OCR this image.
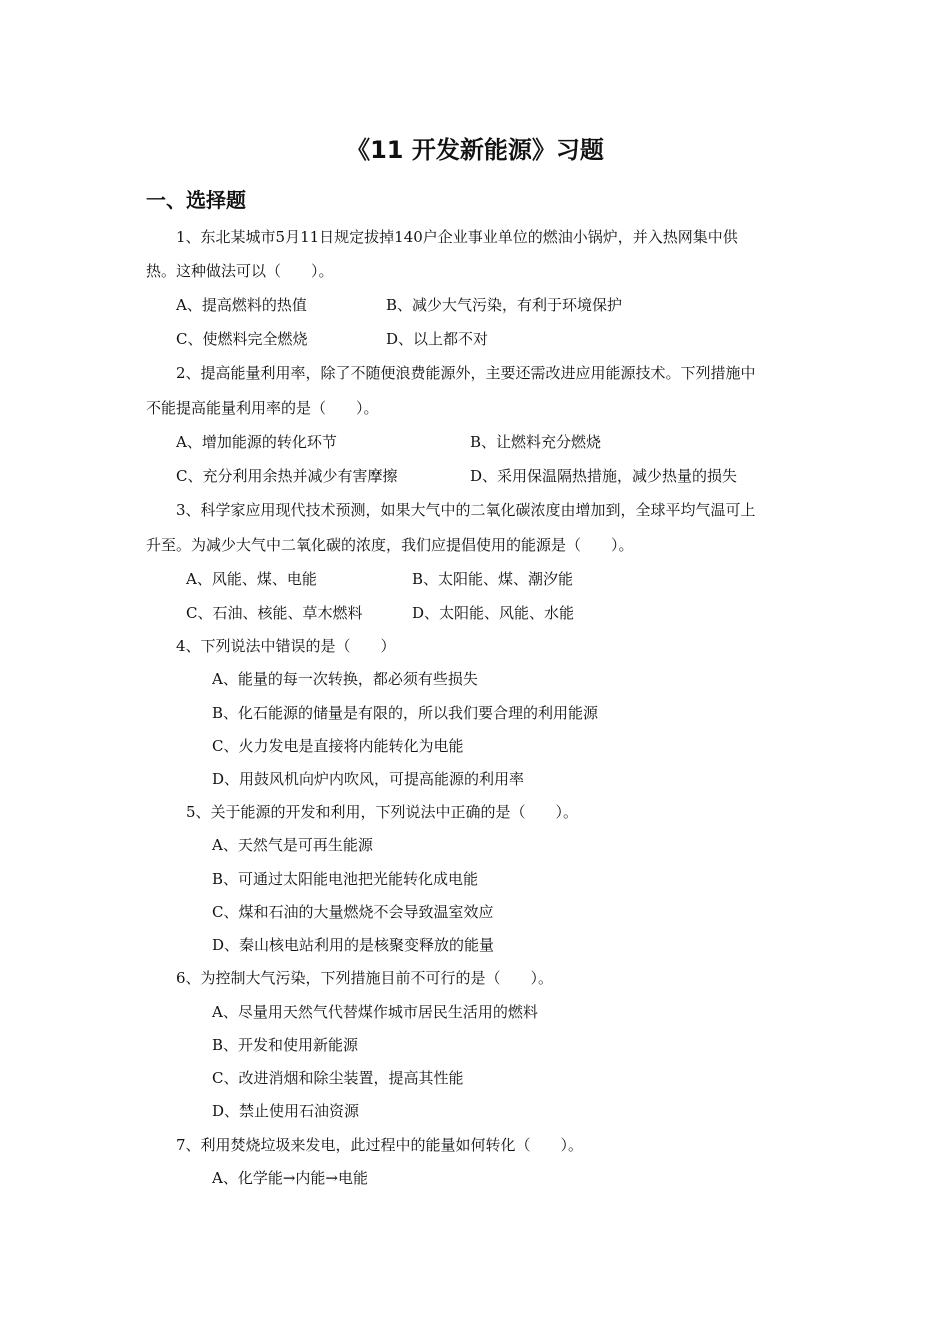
《11 开发新能源》习题
一、选择题
1、东北某城市5月11日规定拔掉140户企业事业单位的燃油小锅炉，并入热网集中供
热。这种做法可以（　　）。
A、提高燃料的热值	B、减少大气污染，有利于环境保护
C、使燃料完全燃烧	D、以上都不对
2、提高能量利用率，除了不随便浪费能源外，主要还需改进应用能源技术。下列措施中
不能提高能量利用率的是（　　）。
A、增加能源的转化环节	B、让燃料充分燃烧
C、充分利用余热并减少有害摩擦	D、采用保温隔热措施，减少热量的损失
3、科学家应用现代技术预测，如果大气中的二氧化碳浓度由增加到，全球平均气温可上
升至。为减少大气中二氧化碳的浓度，我们应提倡使用的能源是（　　）。
A、风能、煤、电能	B、太阳能、煤、潮汐能
C、石油、核能、草木燃料	D、太阳能、风能、水能
4、下列说法中错误的是（　　）
A、能量的每一次转换，都必须有些损失
B、化石能源的储量是有限的，所以我们要合理的利用能源
C、火力发电是直接将内能转化为电能
D、用鼓风机向炉内吹风，可提高能源的利用率
5、关于能源的开发和利用，下列说法中正确的是（　　）。
A、天然气是可再生能源
B、可通过太阳能电池把光能转化成电能
C、煤和石油的大量燃烧不会导致温室效应
D、秦山核电站利用的是核聚变释放的能量
6、为控制大气污染，下列措施目前不可行的是（　　）。
A、尽量用天然气代替煤作城市居民生活用的燃料
B、开发和使用新能源
C、改进消烟和除尘装置，提高其性能
D、禁止使用石油资源
7、利用焚烧垃圾来发电，此过程中的能量如何转化（　　）。
A、化学能→内能→电能
